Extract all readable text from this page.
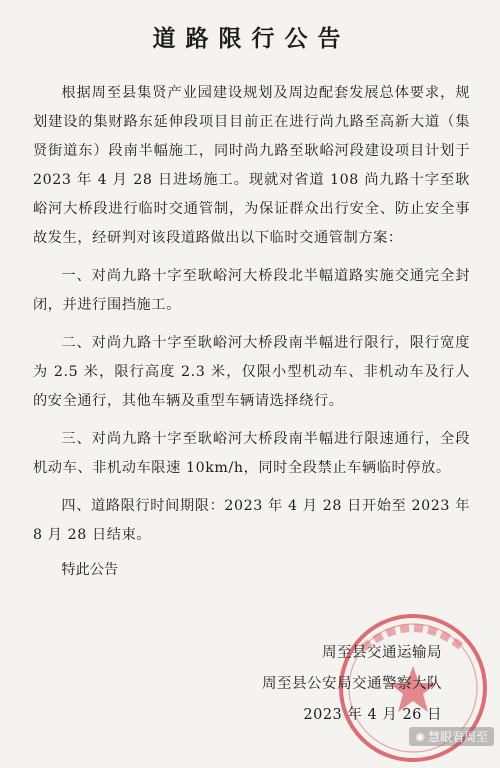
道路限行公告

根据周至县集贤产业园建设规划及周边配套发展总体要求，规划建设的集财路东延伸段项目目前正在进行尚九路至高新大道（集贤街道东）段南半幅施工，同时尚九路至耿峪河段建设项目计划于 2023 年 4 月 28 日进场施工。现就对省道 108 尚九路十字至耿峪河大桥段进行临时交通管制，为保证群众出行安全、防止安全事故发生，经研判对该段道路做出以下临时交通管制方案：

一、对尚九路十字至耿峪河大桥段北半幅道路实施交通完全封闭，并进行围挡施工。

二、对尚九路十字至耿峪河大桥段南半幅进行限行，限行宽度为 2.5 米，限行高度 2.3 米，仅限小型机动车、非机动车及行人的安全通行，其他车辆及重型车辆请选择绕行。

三、对尚九路十字至耿峪河大桥段南半幅进行限速通行，全段机动车、非机动车限速 10km/h，同时全段禁止车辆临时停放。

四、道路限行时间期限：2023 年 4 月 28 日开始至 2023 年 8 月 28 日结束。

特此公告
周至县交通运输局
周至县公安局交通警察大队
2023 年 4 月 26 日
◉ 慧眼看周至
